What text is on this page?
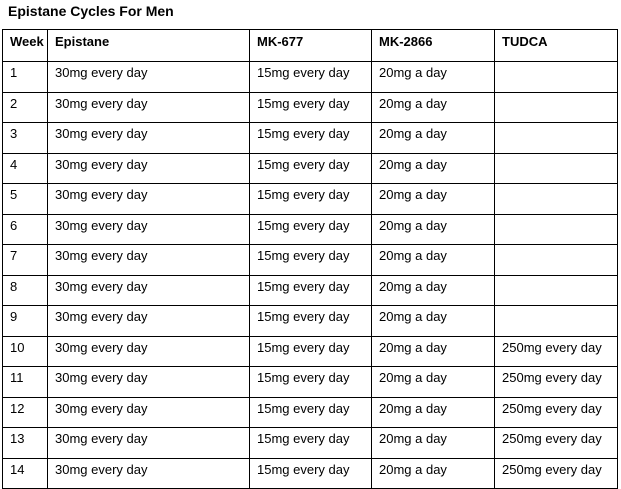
Epistane Cycles For Men
Week	Epistane	MK-677	MK-2866	TUDCA
1	30mg every day	15mg every day	20mg a day	
2	30mg every day	15mg every day	20mg a day	
3	30mg every day	15mg every day	20mg a day	
4	30mg every day	15mg every day	20mg a day	
5	30mg every day	15mg every day	20mg a day	
6	30mg every day	15mg every day	20mg a day	
7	30mg every day	15mg every day	20mg a day	
8	30mg every day	15mg every day	20mg a day	
9	30mg every day	15mg every day	20mg a day	
10	30mg every day	15mg every day	20mg a day	250mg every day
11	30mg every day	15mg every day	20mg a day	250mg every day
12	30mg every day	15mg every day	20mg a day	250mg every day
13	30mg every day	15mg every day	20mg a day	250mg every day
14	30mg every day	15mg every day	20mg a day	250mg every day
